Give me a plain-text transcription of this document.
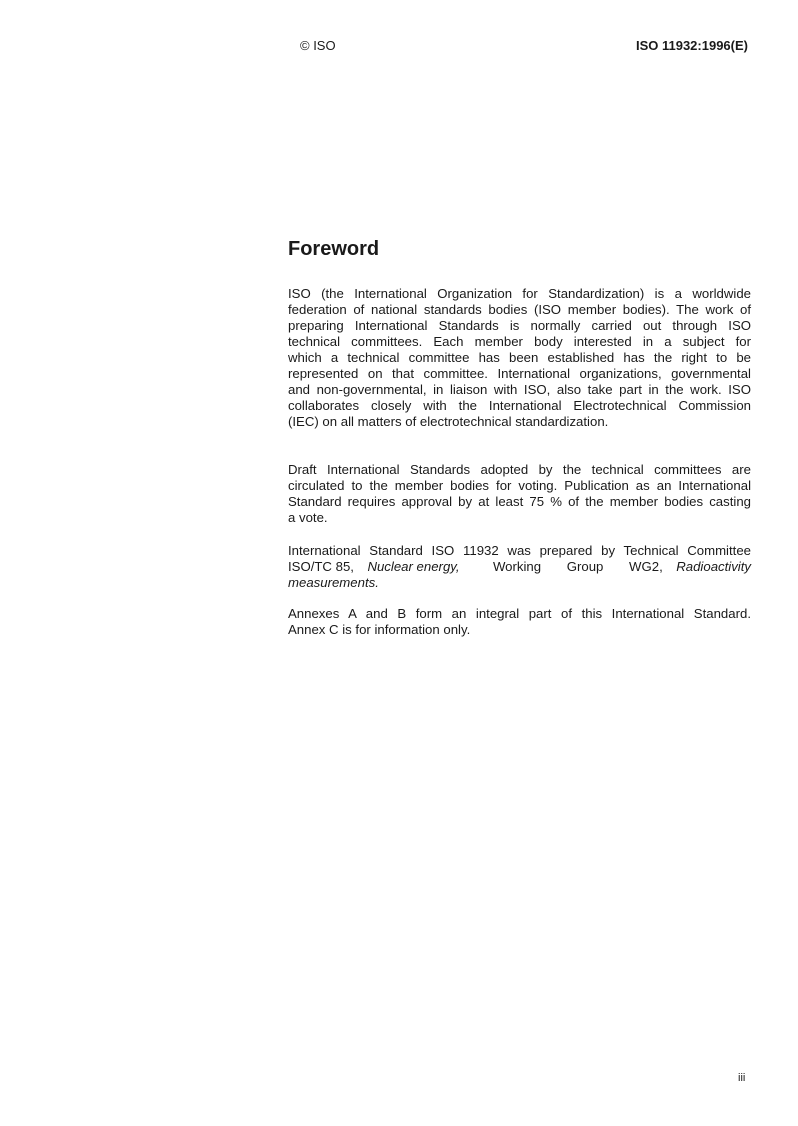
© ISO	ISO 11932:1996(E)
Foreword
ISO (the International Organization for Standardization) is a worldwide
federation of national standards bodies (ISO member bodies). The work of
preparing International Standards is normally carried out through ISO
technical committees. Each member body interested in a subject for
which a technical committee has been established has the right to be
represented on that committee. International organizations, governmental
and non-governmental, in liaison with ISO, also take part in the work. ISO
collaborates closely with the International Electrotechnical Commission
(IEC) on all matters of electrotechnical standardization.
Draft International Standards adopted by the technical committees are
circulated to the member bodies for voting. Publication as an International
Standard requires approval by at least 75 % of the member bodies casting
a vote.
International Standard ISO 11932 was prepared by Technical Committee
ISO/TC 85, Nuclear energy,	Working Group WG2, Radioactivity
measurements.
Annexes A and B form an integral part of this International Standard.
Annex C is for information only.
iii
